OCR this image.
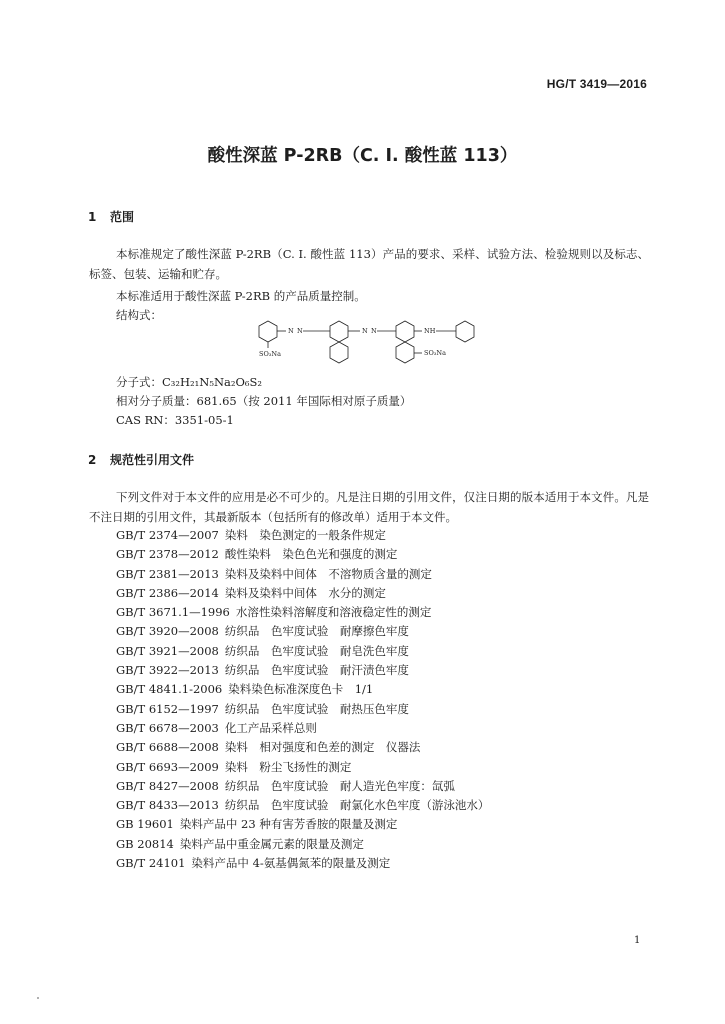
HG/T 3419—2016
酸性深蓝 P-2RB（C. I. 酸性蓝 113）
1 范围

本标准规定了酸性深蓝 P-2RB（C. I. 酸性蓝 113）产品的要求、采样、试验方法、检验规则以及标志、标签、包装、运输和贮存。

本标准适用于酸性深蓝 P-2RB 的产品质量控制。
结构式：
N N	N N	NH
SO₃Na	SO₃Na
分子式：C₃₂H₂₁N₅Na₂O₆S₂
相对分子质量：681.65（按 2011 年国际相对原子质量）
CAS RN：3351-05-1
2 规范性引用文件

下列文件对于本文件的应用是必不可少的。凡是注日期的引用文件，仅注日期的版本适用于本文件。凡是不注日期的引用文件，其最新版本（包括所有的修改单）适用于本文件。

GB/T 2374—2007 染料　染色测定的一般条件规定
GB/T 2378—2012 酸性染料　染色色光和强度的测定
GB/T 2381—2013 染料及染料中间体　不溶物质含量的测定
GB/T 2386—2014 染料及染料中间体　水分的测定
GB/T 3671.1—1996 水溶性染料溶解度和溶液稳定性的测定
GB/T 3920—2008 纺织品　色牢度试验　耐摩擦色牢度
GB/T 3921—2008 纺织品　色牢度试验　耐皂洗色牢度
GB/T 3922—2013 纺织品　色牢度试验　耐汗渍色牢度
GB/T 4841.1-2006 染料染色标准深度色卡　1/1
GB/T 6152—1997 纺织品　色牢度试验　耐热压色牢度
GB/T 6678—2003 化工产品采样总则
GB/T 6688—2008 染料　相对强度和色差的测定　仪器法
GB/T 6693—2009 染料　粉尘飞扬性的测定
GB/T 8427—2008 纺织品　色牢度试验　耐人造光色牢度：氙弧
GB/T 8433—2013 纺织品　色牢度试验　耐氯化水色牢度（游泳池水）
GB 19601 染料产品中 23 种有害芳香胺的限量及测定
GB 20814 染料产品中重金属元素的限量及测定
GB/T 24101 染料产品中 4-氨基偶氮苯的限量及测定
1
